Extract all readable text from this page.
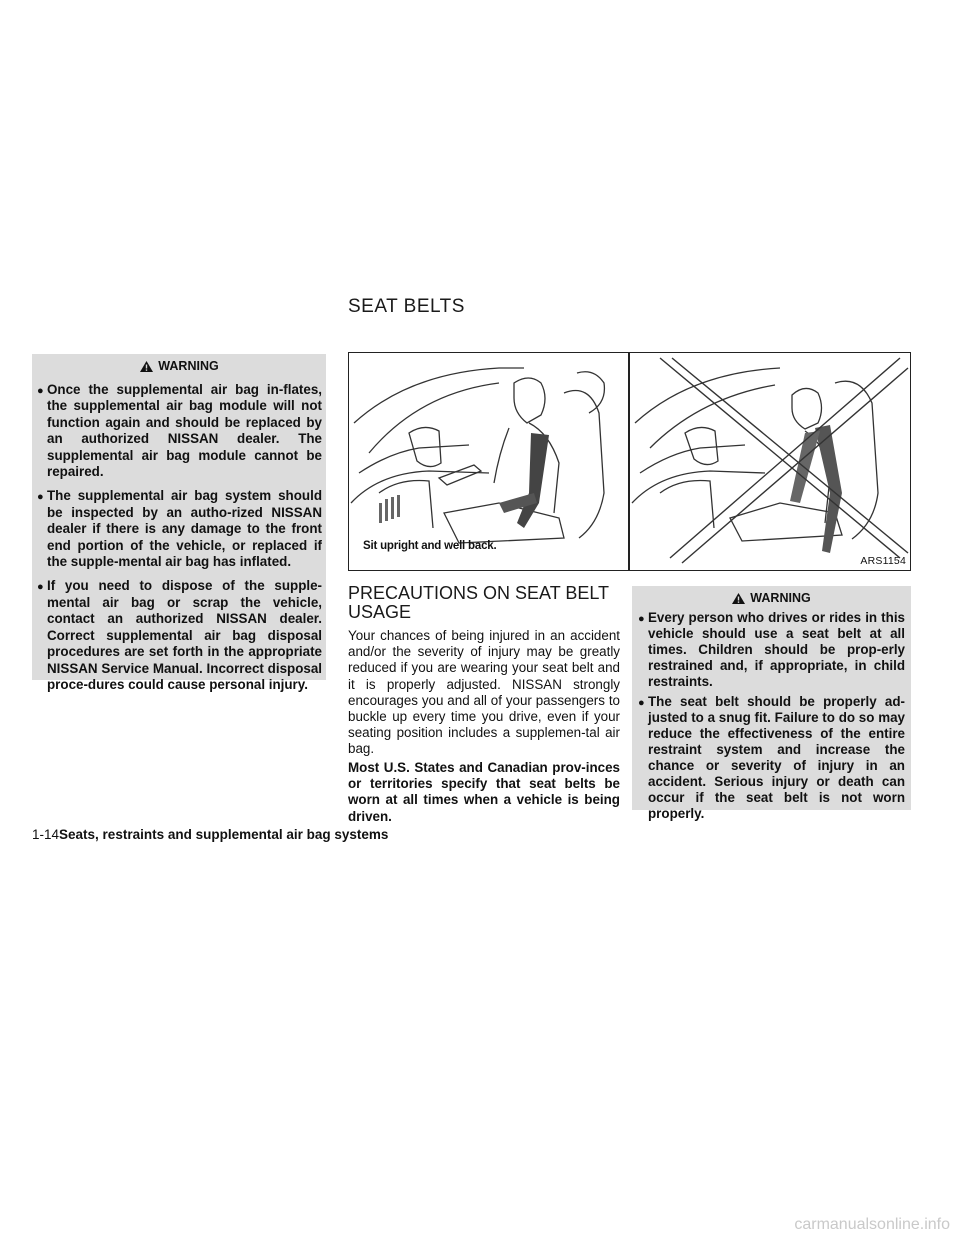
SEAT BELTS
WARNING
● Once the supplemental air bag in-flates, the supplemental air bag module will not function again and should be replaced by an authorized NISSAN dealer. The supplemental air bag module cannot be repaired.
● The supplemental air bag system should be inspected by an autho-rized NISSAN dealer if there is any damage to the front end portion of the vehicle, or replaced if the supple-mental air bag has inflated.
● If you need to dispose of the supple-mental air bag or scrap the vehicle, contact an authorized NISSAN dealer. Correct supplemental air bag disposal procedures are set forth in the appropriate NISSAN Service Manual. Incorrect disposal proce-dures could cause personal injury.
Sit upright and well back.
ARS1154
PRECAUTIONS ON SEAT BELT USAGE
Your chances of being injured in an accident and/or the severity of injury may be greatly reduced if you are wearing your seat belt and it is properly adjusted. NISSAN strongly encourages you and all of your passengers to buckle up every time you drive, even if your seating position includes a supplemen-tal air bag.
Most U.S. States and Canadian prov-inces or territories specify that seat belts be worn at all times when a vehicle is being driven.
WARNING
● Every person who drives or rides in this vehicle should use a seat belt at all times. Children should be prop-erly restrained and, if appropriate, in child restraints.
● The seat belt should be properly ad-justed to a snug fit. Failure to do so may reduce the effectiveness of the entire restraint system and increase the chance or severity of injury in an accident. Serious injury or death can occur if the seat belt is not worn properly.
1-14Seats, restraints and supplemental air bag systems
carmanualsonline.info
